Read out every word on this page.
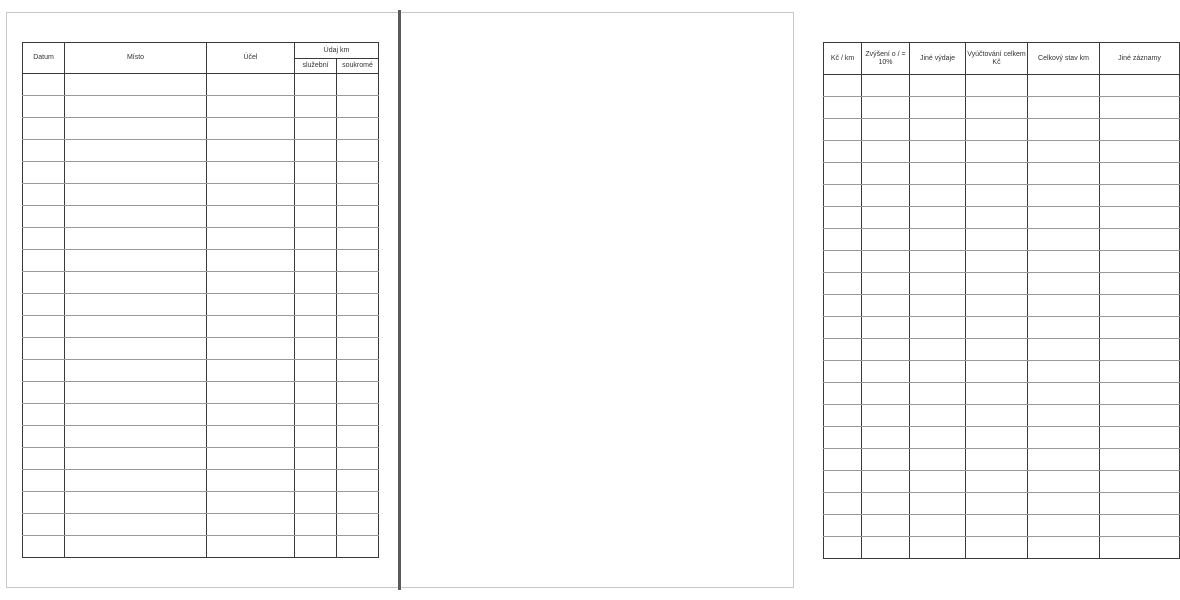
Datum	Místo	Účel	Údaj km	
			služební	soukromé

Kč / km	Zvýšení o / = 10%	Jiné výdaje	Vyúčtování celkem Kč	Celkový stav km	Jiné záznamy
